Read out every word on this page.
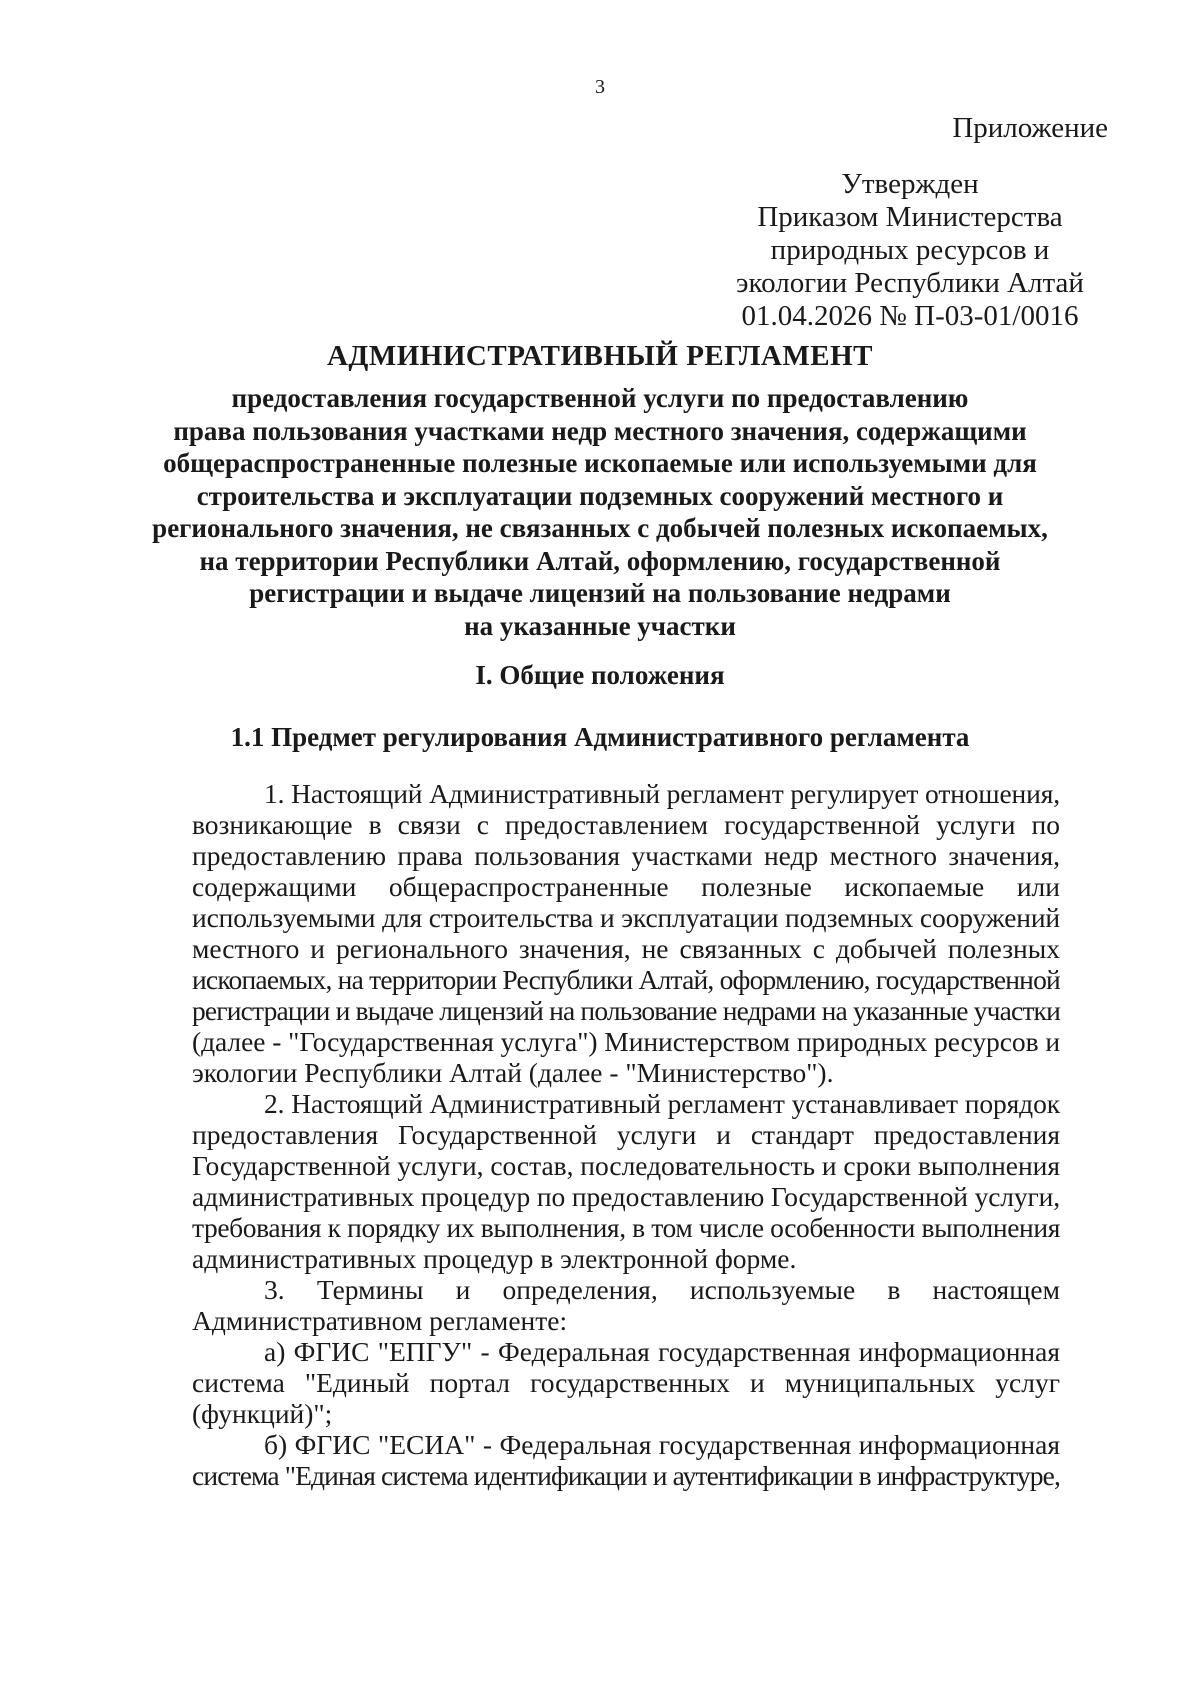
3
Приложение
Утвержден
Приказом Министерства
природных ресурсов и
экологии Республики Алтай
01.04.2026 № П-03-01/0016
АДМИНИСТРАТИВНЫЙ РЕГЛАМЕНТ
предоставления государственной услуги по предоставлению
права пользования участками недр местного значения, содержащими
общераспространенные полезные ископаемые или используемыми для
строительства и эксплуатации подземных сооружений местного и
регионального значения, не связанных с добычей полезных ископаемых,
на территории Республики Алтай, оформлению, государственной
регистрации и выдаче лицензий на пользование недрами
на указанные участки
I. Общие положения
1.1 Предмет регулирования Административного регламента
1. Настоящий Административный регламент регулирует отношения,
возникающие в связи с предоставлением государственной услуги по
предоставлению права пользования участками недр местного значения,
содержащими общераспространенные полезные ископаемые или
используемыми для строительства и эксплуатации подземных сооружений
местного и регионального значения, не связанных с добычей полезных
ископаемых, на территории Республики Алтай, оформлению, государственной
регистрации и выдаче лицензий на пользование недрами на указанные участки
(далее - "Государственная услуга") Министерством природных ресурсов и
экологии Республики Алтай (далее - "Министерство").
2. Настоящий Административный регламент устанавливает порядок
предоставления Государственной услуги и стандарт предоставления
Государственной услуги, состав, последовательность и сроки выполнения
административных процедур по предоставлению Государственной услуги,
требования к порядку их выполнения, в том числе особенности выполнения
административных процедур в электронной форме.
3. Термины и определения, используемые в настоящем
Административном регламенте:
а) ФГИС "ЕПГУ" - Федеральная государственная информационная
система "Единый портал государственных и муниципальных услуг
(функций)";
б) ФГИС "ЕСИА" - Федеральная государственная информационная
система "Единая система идентификации и аутентификации в инфраструктуре,
